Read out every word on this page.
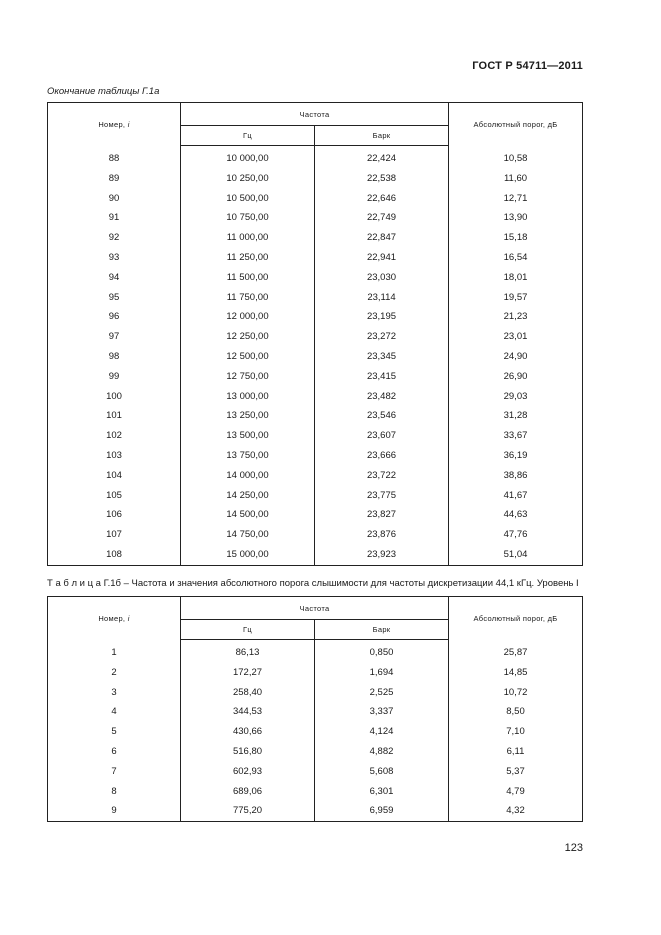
ГОСТ Р 54711—2011
Окончание таблицы Г.1а
Номер, i	Частота		Абсолютный порог, дБ
	Гц	Барк	
88	10 000,00	22,424	10,58
89	10 250,00	22,538	11,60
90	10 500,00	22,646	12,71
91	10 750,00	22,749	13,90
92	11 000,00	22,847	15,18
93	11 250,00	22,941	16,54
94	11 500,00	23,030	18,01
95	11 750,00	23,114	19,57
96	12 000,00	23,195	21,23
97	12 250,00	23,272	23,01
98	12 500,00	23,345	24,90
99	12 750,00	23,415	26,90
100	13 000,00	23,482	29,03
101	13 250,00	23,546	31,28
102	13 500,00	23,607	33,67
103	13 750,00	23,666	36,19
104	14 000,00	23,722	38,86
105	14 250,00	23,775	41,67
106	14 500,00	23,827	44,63
107	14 750,00	23,876	47,76
108	15 000,00	23,923	51,04
Т а б л и ц а Г.1б – Частота и значения абсолютного порога слышимости для частоты дискретизации 44,1 кГц. Уровень I
Номер, i	Частота		Абсолютный порог, дБ
	Гц	Барк	
1	86,13	0,850	25,87
2	172,27	1,694	14,85
3	258,40	2,525	10,72
4	344,53	3,337	8,50
5	430,66	4,124	7,10
6	516,80	4,882	6,11
7	602,93	5,608	5,37
8	689,06	6,301	4,79
9	775,20	6,959	4,32
123
